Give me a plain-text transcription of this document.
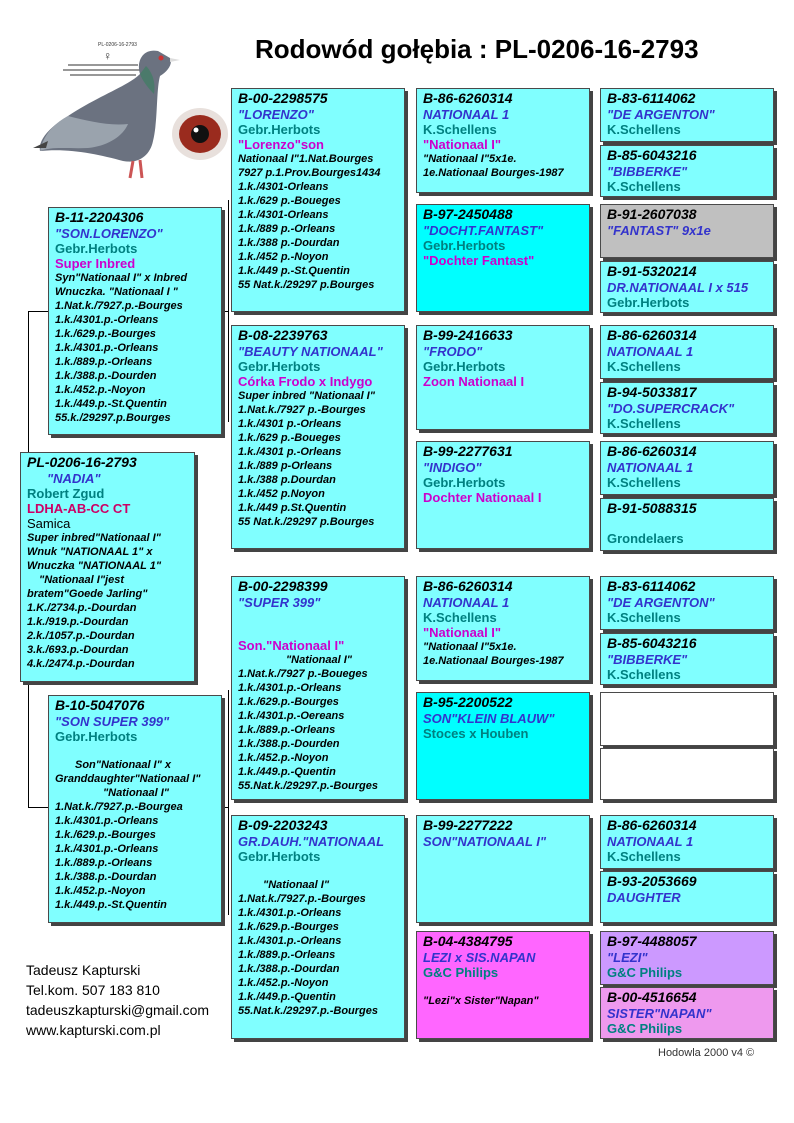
Rodowód gołębia : PL-0206-16-2793
PL-0206-16-2793
♀
PL-0206-16-2793
"NADIA"
Robert Zgud
LDHA-AB-CC CT
Samica
Super inbred"Nationaal I"
Wnuk "NATIONAAL 1" x
Wnuczka "NATIONAAL 1"
"Nationaal I"jest
bratem"Goede Jarling"
1.K./2734.p.-Dourdan
1.k./919.p.-Dourdan
2.k./1057.p.-Dourdan
3.k./693.p.-Dourdan
4.k./2474.p.-Dourdan
B-11-2204306
"SON.LORENZO"
Gebr.Herbots
Super Inbred
Syn"Nationaal I" x Inbred
Wnuczka. "Nationaal I "
1.Nat.k./7927.p.-Bourges
1.k./4301.p.-Orleans
1.k./629.p.-Bourges
1.k./4301.p.-Orleans
1.k./889.p.-Orleans
1.k./388.p.-Dourden
1.k./452.p.-Noyon
1.k./449.p.-St.Quentin
55.k./29297.p.Bourges
B-10-5047076
"SON SUPER 399"
Gebr.Herbots
Son"Nationaal I" x
Granddaughter"Nationaal I"
"Nationaal I"
1.Nat.k./7927.p.-Bourgea
1.k./4301.p.-Orleans
1.k./629.p.-Bourges
1.k./4301.p.-Orleans
1.k./889.p.-Orleans
1.k./388.p.-Dourdan
1.k./452.p.-Noyon
1.k./449.p.-St.Quentin
B-00-2298575
"LORENZO"
Gebr.Herbots
"Lorenzo"son
Nationaal I"1.Nat.Bourges
7927 p.1.Prov.Bourges1434
1.k./4301-Orleans
1.k./629 p.-Boueges
1.k./4301-Orleans
1.k./889 p.-Orleans
1.k./388 p.-Dourdan
1.k./452 p.-Noyon
1.k./449 p.-St.Quentin
55 Nat.k./29297 p.Bourges
B-08-2239763
"BEAUTY NATIONAAL"
Gebr.Herbots
Córka Frodo x Indygo
Super inbred "Nationaal I"
1.Nat.k./7927 p.-Bourges
1.k./4301 p.-Orleans
1.k./629 p.-Boueges
1.k./4301 p.-Orleans
1.k./889 p-Orleans
1.k./388 p.Dourdan
1.k./452 p.Noyon
1.k./449 p.St.Quentin
55 Nat.k./29297 p.Bourges
B-00-2298399
"SUPER 399"
Son."Nationaal I"
"Nationaal I"
1.Nat.k./7927 p.-Boueges
1.k./4301.p.-Orleans
1.k./629.p.-Bourges
1.k./4301.p.-Oereans
1.k./889.p.-Orleans
1.k./388.p.-Dourden
1.k./452.p.-Noyon
1.k./449.p.-Quentin
55.Nat.k./29297.p.-Bourges
B-09-2203243
GR.DAUH."NATIONAAL
Gebr.Herbots
"Nationaal I"
1.Nat.k./7927.p.-Bourges
1.k./4301.p.-Orleans
1.k./629.p.-Bourges
1.k./4301.p.-Orleans
1.k./889.p.-Orleans
1.k./388.p.-Dourdan
1.k./452.p.-Noyon
1.k./449.p.-Quentin
55.Nat.k./29297.p.-Bourges
B-86-6260314
NATIONAAL 1
K.Schellens
"Nationaal I"
"Nationaal I"5x1e.
1e.Nationaal Bourges-1987
B-97-2450488
"DOCHT.FANTAST"
Gebr.Herbots
"Dochter Fantast"
B-99-2416633
"FRODO"
Gebr.Herbots
Zoon Nationaal I
B-99-2277631
"INDIGO"
Gebr.Herbots
Dochter Nationaal I
B-86-6260314
NATIONAAL 1
K.Schellens
"Nationaal I"
"Nationaal I"5x1e.
1e.Nationaal Bourges-1987
B-95-2200522
SON"KLEIN BLAUW"
Stoces x Houben
B-99-2277222
SON"NATIONAAL I"
B-04-4384795
LEZI x SIS.NAPAN
G&C Philips
"Lezi"x Sister"Napan"
B-83-6114062
"DE ARGENTON"
K.Schellens
B-85-6043216
"BIBBERKE"
K.Schellens
B-91-2607038
"FANTAST" 9x1e
B-91-5320214
DR.NATIONAAL I x 515
Gebr.Herbots
B-86-6260314
NATIONAAL 1
K.Schellens
B-94-5033817
"DO.SUPERCRACK"
K.Schellens
B-86-6260314
NATIONAAL 1
K.Schellens
B-91-5088315
Grondelaers
B-83-6114062
"DE ARGENTON"
K.Schellens
B-85-6043216
"BIBBERKE"
K.Schellens
B-86-6260314
NATIONAAL 1
K.Schellens
B-93-2053669
DAUGHTER
B-97-4488057
"LEZI"
G&C Philips
B-00-4516654
SISTER"NAPAN"
G&C Philips
Tadeusz Kapturski
Tel.kom. 507 183 810
tadeuszkapturski@gmail.com
www.kapturski.com.pl
Hodowla 2000 v4 ©
